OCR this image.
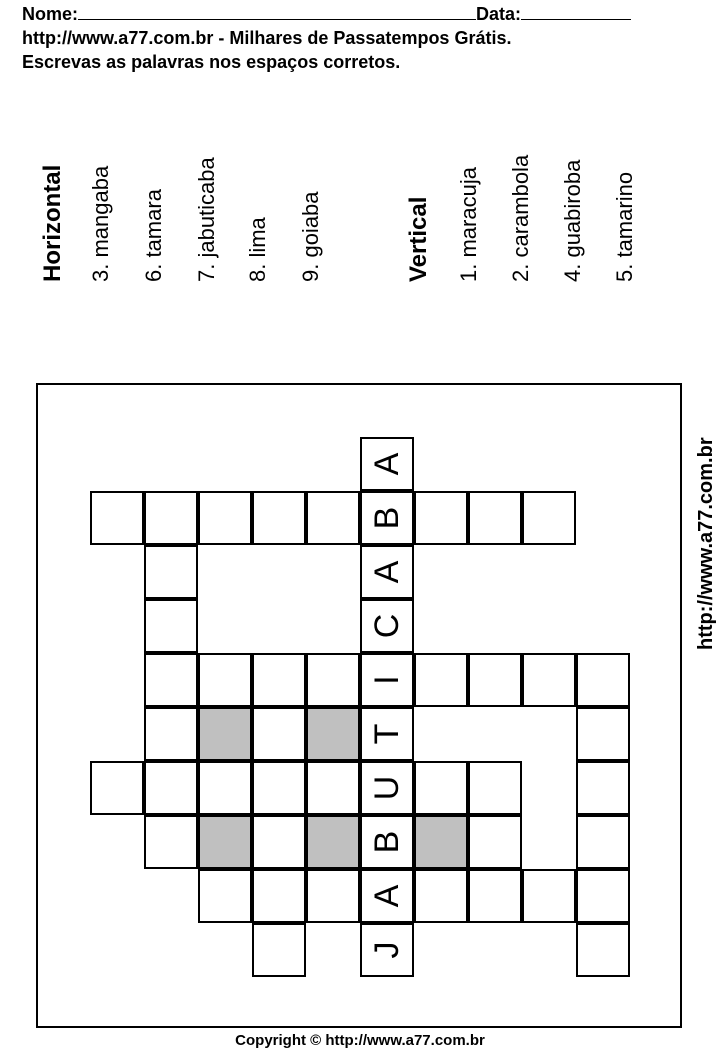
Nome:	Data:
http://www.a77.com.br - Milhares de Passatempos Grátis.
Escrevas as palavras nos espaços corretos.
Horizontal 3. mangaba 6. tamara 7. jabuticaba 8. lima 9. goiaba	Vertical 1. maracuja 2. carambola 4. guabiroba 5. tamarino
A
B
A
C
I
T
U
B
A
J
http://www.a77.com.br
Copyright © http://www.a77.com.br
